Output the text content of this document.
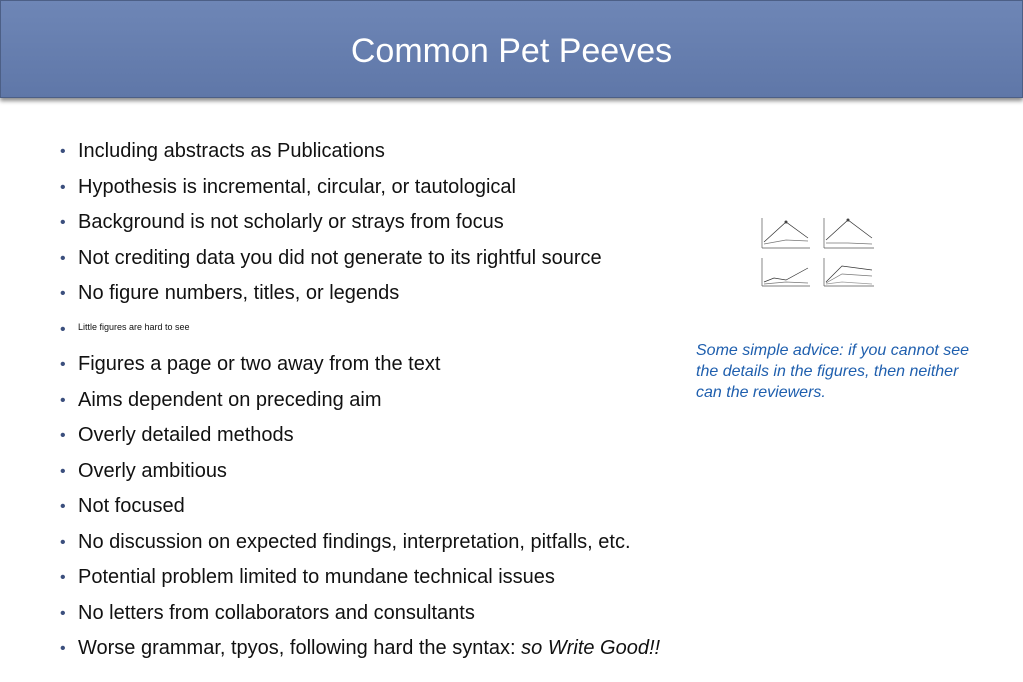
Common Pet Peeves
• Including abstracts as Publications
• Hypothesis is incremental, circular, or tautological
• Background is not scholarly or strays from focus
• Not crediting data you did not generate to its rightful source
• No figure numbers, titles, or legends
• Little figures are hard to see
• Figures a page or two away from the text
• Aims dependent on preceding aim
• Overly detailed methods
• Overly ambitious
• Not focused
• No discussion on expected findings, interpretation, pitfalls, etc.
• Potential problem limited to mundane technical issues
• No letters from collaborators and consultants
• Worse grammar, tpyos, following hard the syntax: so Write Good!!
Some simple advice: if you cannot see the details in the figures, then neither can the reviewers.
